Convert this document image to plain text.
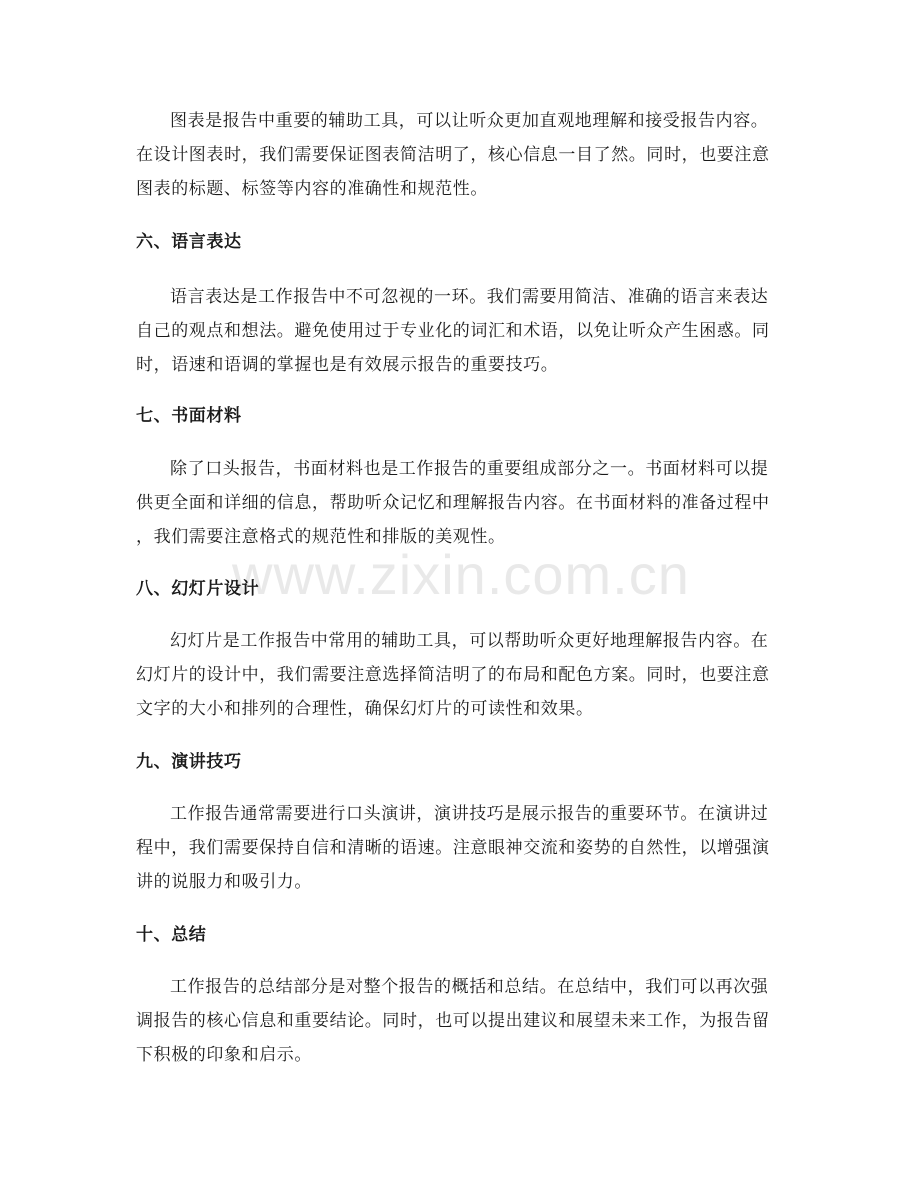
www.zixin.com.cn

图表是报告中重要的辅助工具，可以让听众更加直观地理解和接受报告内容。
在设计图表时，我们需要保证图表简洁明了，核心信息一目了然。同时，也要注意
图表的标题、标签等内容的准确性和规范性。

六、语言表达

语言表达是工作报告中不可忽视的一环。我们需要用简洁、准确的语言来表达
自己的观点和想法。避免使用过于专业化的词汇和术语，以免让听众产生困惑。同
时，语速和语调的掌握也是有效展示报告的重要技巧。

七、书面材料

除了口头报告，书面材料也是工作报告的重要组成部分之一。书面材料可以提
供更全面和详细的信息，帮助听众记忆和理解报告内容。在书面材料的准备过程中
，我们需要注意格式的规范性和排版的美观性。

八、幻灯片设计

幻灯片是工作报告中常用的辅助工具，可以帮助听众更好地理解报告内容。在
幻灯片的设计中，我们需要注意选择简洁明了的布局和配色方案。同时，也要注意
文字的大小和排列的合理性，确保幻灯片的可读性和效果。

九、演讲技巧

工作报告通常需要进行口头演讲，演讲技巧是展示报告的重要环节。在演讲过
程中，我们需要保持自信和清晰的语速。注意眼神交流和姿势的自然性，以增强演
讲的说服力和吸引力。

十、总结

工作报告的总结部分是对整个报告的概括和总结。在总结中，我们可以再次强
调报告的核心信息和重要结论。同时，也可以提出建议和展望未来工作，为报告留
下积极的印象和启示。
